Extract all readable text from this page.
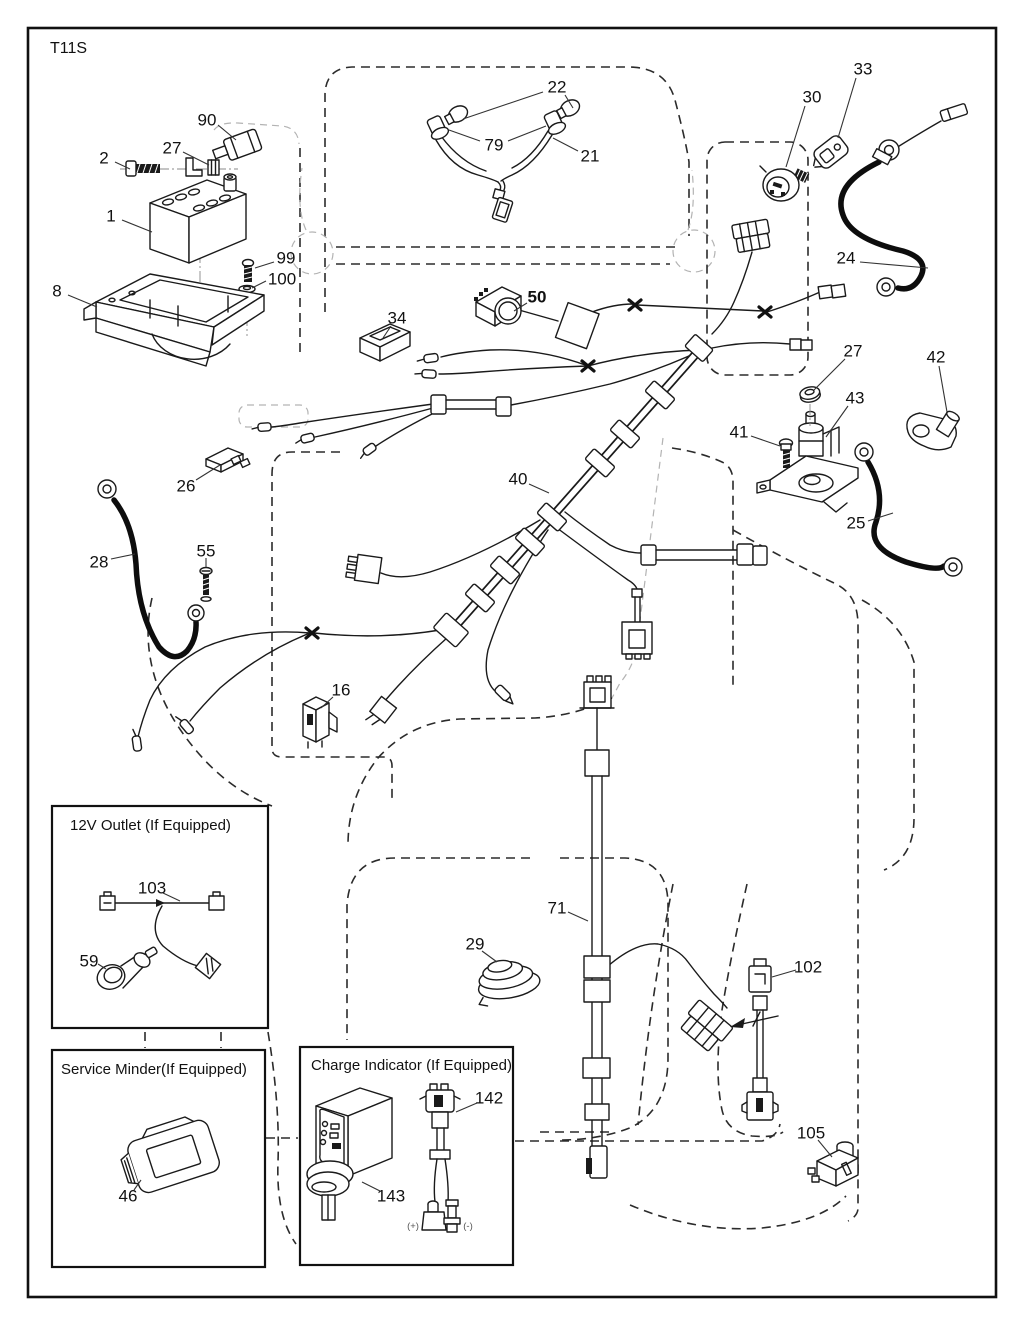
T11S
12V Outlet (If Equipped)
Service Minder(If Equipped)	Charge Indicator (If Equipped)
(+)	(-)
1
2
27
90
99
100
8
22
79
21
30
33
24
34
50
27	42
43
41
25
26	40
28
55
16
71
29
103
59
46
142
143
102
105
